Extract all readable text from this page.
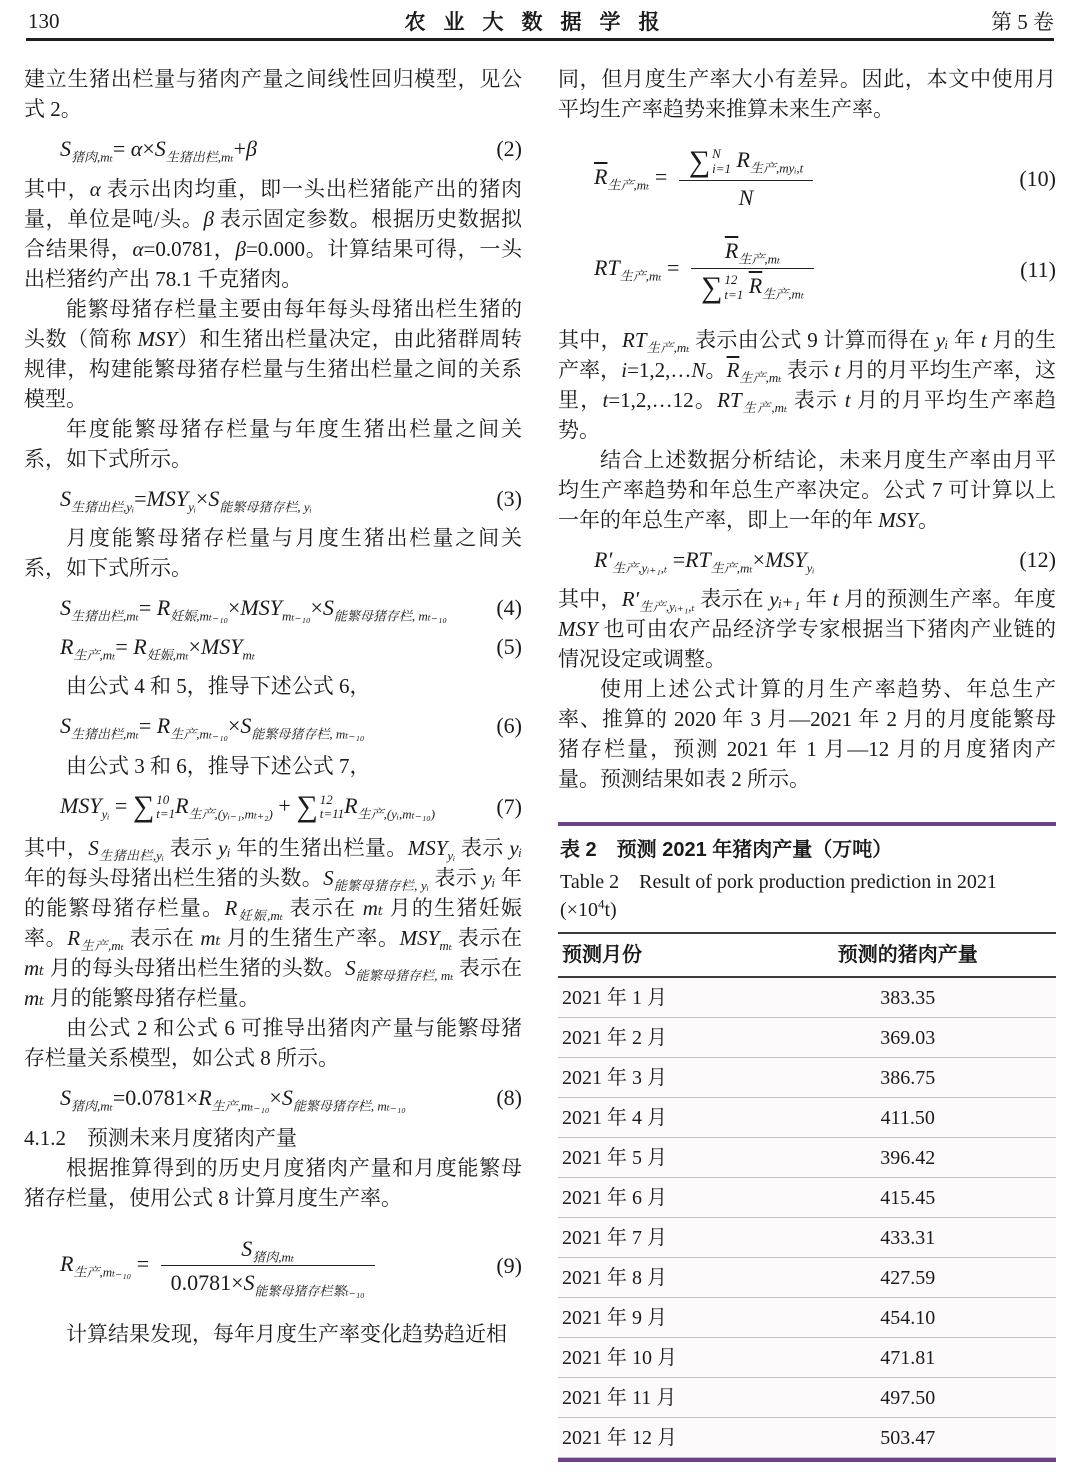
130	农业大数据学报	第 5 卷

建立生猪出栏量与猪肉产量之间线性回归模型，见公式 2。

$S_{猪肉,m_t}= \alpha\times S_{生猪出栏,m_t}+\beta$	(2)

其中，α 表示出肉均重，即一头出栏猪能产出的猪肉量，单位是吨/头。β 表示固定参数。根据历史数据拟合结果得，α=0.0781，β=0.000。计算结果可得，一头出栏猪约产出 78.1 千克猪肉。

能繁母猪存栏量主要由每年每头母猪出栏生猪的头数（简称 MSY）和生猪出栏量决定，由此猪群周转规律，构建能繁母猪存栏量与生猪出栏量之间的关系模型。

年度能繁母猪存栏量与年度生猪出栏量之间关系，如下式所示。

$S_{生猪出栏,yᵢ}=MSY_{yᵢ}\times S_{能繁母猪存栏, yᵢ}$	(3)

月度能繁母猪存栏量与月度生猪出栏量之间关系，如下式所示。

$S_{生猪出栏,m_t}= R_{妊娠,m_{t-10}}\times MSY_{m_{t-10}}\times S_{能繁母猪存栏, m_{t-10}}$ (4)
$R_{生产,m_t}= R_{妊娠,m_t}\times MSY_{m_t}$	(5)

由公式 4 和 5，推导下述公式 6，

$S_{生猪出栏,m_t}= R_{生产,m_{t-10}}\times S_{能繁母猪存栏, m_{t-10}}$	(6)

由公式 3 和 6，推导下述公式 7，

$MSY_{yᵢ}$ = ∑ 10
t=1 $R_{生产,(yᵢ_{-1},m_{t+2})}$ + ∑ 12
t=11 $R_{生产,(yᵢ,m_{t-10})}$	(7)

其中，$S_{生猪出栏,yᵢ}$ 表示 yᵢ 年的生猪出栏量。$MSY_{yᵢ}$ 表示 yᵢ 年的每头母猪出栏生猪的头数。$S_{能繁母猪存栏, yᵢ}$ 表示 yᵢ 年的能繁母猪存栏量。$R_{妊娠,m_t}$ 表示在 mₜ 月的生猪妊娠率。$R_{生产,m_t}$ 表示在 mₜ 月的生猪生产率。$MSY_{m_t}$ 表示在 mₜ 月的每头母猪出栏生猪的头数。$S_{能繁母猪存栏, m_t}$ 表示在 mₜ 月的能繁母猪存栏量。

由公式 2 和公式 6 可推导出猪肉产量与能繁母猪存栏量关系模型，如公式 8 所示。

$S_{猪肉,m_t}=0.0781\times R_{生产,m_{t-10}}\times S_{能繁母猪存栏, m_{t-10}}$	(8)

4.1.2　预测未来月度猪肉产量

根据推算得到的历史月度猪肉产量和月度能繁母猪存栏量，使用公式 8 计算月度生产率。

$R_{生产,m_{t-10}} = \frac{S_{猪肉,m_t}}{0.0781\times S_{能繁母猪存栏繁_{t-10}}}$	(9)

计算结果发现，每年月度生产率变化趋势趋近相

同，但月度生产率大小有差异。因此，本文中使用月平均生产率趋势来推算未来生产率。

$\overline{R}_{生产,m_t}$ = ∑ N
i=1 $R_{生产,myᵢ,t}$
N	(10)
$RT_{生产,m_t} = \overline{R}_{生产,m_t}$
∑ 12
t=1 $\overline{R}_{生产,m_t}$	(11)

其中，$RT_{生产,m_t}$ 表示由公式 9 计算而得在 yᵢ 年 t 月的生产率，i=1,2,…N。$\overline{R}_{生产,m_t}$ 表示 t 月的月平均生产率，这里，t=1,2,…12。$RT_{生产,m_t}$ 表示 t 月的月平均生产率趋势。

结合上述数据分析结论，未来月度生产率由月平均生产率趋势和年总生产率决定。公式 7 可计算以上一年的年总生产率，即上一年的年 MSY。

$R'_{生产,yᵢ_{+1},_t} =RT_{生产,m_t}\times MSY_{yᵢ}$	(12)

其中，$R'_{生产,yᵢ_{+1},_t}$ 表示在 yᵢ₊₁ 年 t 月的预测生产率。年度 MSY 也可由农产品经济学专家根据当下猪肉产业链的情况设定或调整。

使用上述公式计算的月生产率趋势、年总生产率、推算的 2020 年 3 月—2021 年 2 月的月度能繁母猪存栏量，预测 2021 年 1 月—12 月的月度猪肉产量。预测结果如表 2 所示。

表 2　预测 2021 年猪肉产量（万吨）
Table 2　Result of pork production prediction in 2021 $(\times 10^4t)$
预测月份	预测的猪肉产量
2021 年 1 月	383.35
2021 年 2 月	369.03
2021 年 3 月	386.75
2021 年 4 月	411.50
2021 年 5 月	396.42
2021 年 6 月	415.45
2021 年 7 月	433.31
2021 年 8 月	427.59
2021 年 9 月	454.10
2021 年 10 月	471.81
2021 年 11 月	497.50
2021 年 12 月	503.47
